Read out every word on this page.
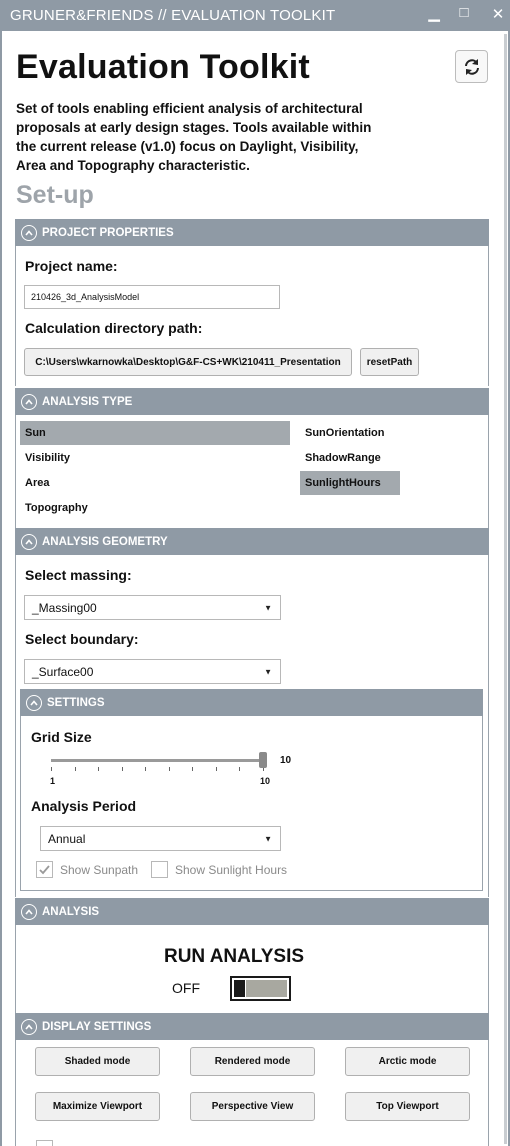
GRUNER&FRIENDS // EVALUATION TOOLKIT	▁	□	✕
Evaluation Toolkit
Set of tools enabling efficient analysis of architectural proposals at early design stages. Tools available within the current release (v1.0) focus on Daylight, Visibility, Area and Topography characteristic.
Set-up
PROJECT PROPERTIES
Project name:
210426_3d_AnalysisModel
Calculation directory path:
C:\Users\wkarnowka\Desktop\G&F-CS+WK\210411_Presentation	resetPath
ANALYSIS TYPE
Sun
Visibility
Area
Topography
SunOrientation
ShadowRange
SunlightHours
ANALYSIS GEOMETRY
Select massing:
_Massing00	▼
Select boundary:
_Surface00	▼
SETTINGS
Grid Size
10
1	10
Analysis Period
Annual	▼
Show Sunpath	Show Sunlight Hours
ANALYSIS
RUN ANALYSIS
OFF
DISPLAY SETTINGS
Shaded mode	Rendered mode	Arctic mode
Maximize Viewport	Perspective View	Top Viewport
